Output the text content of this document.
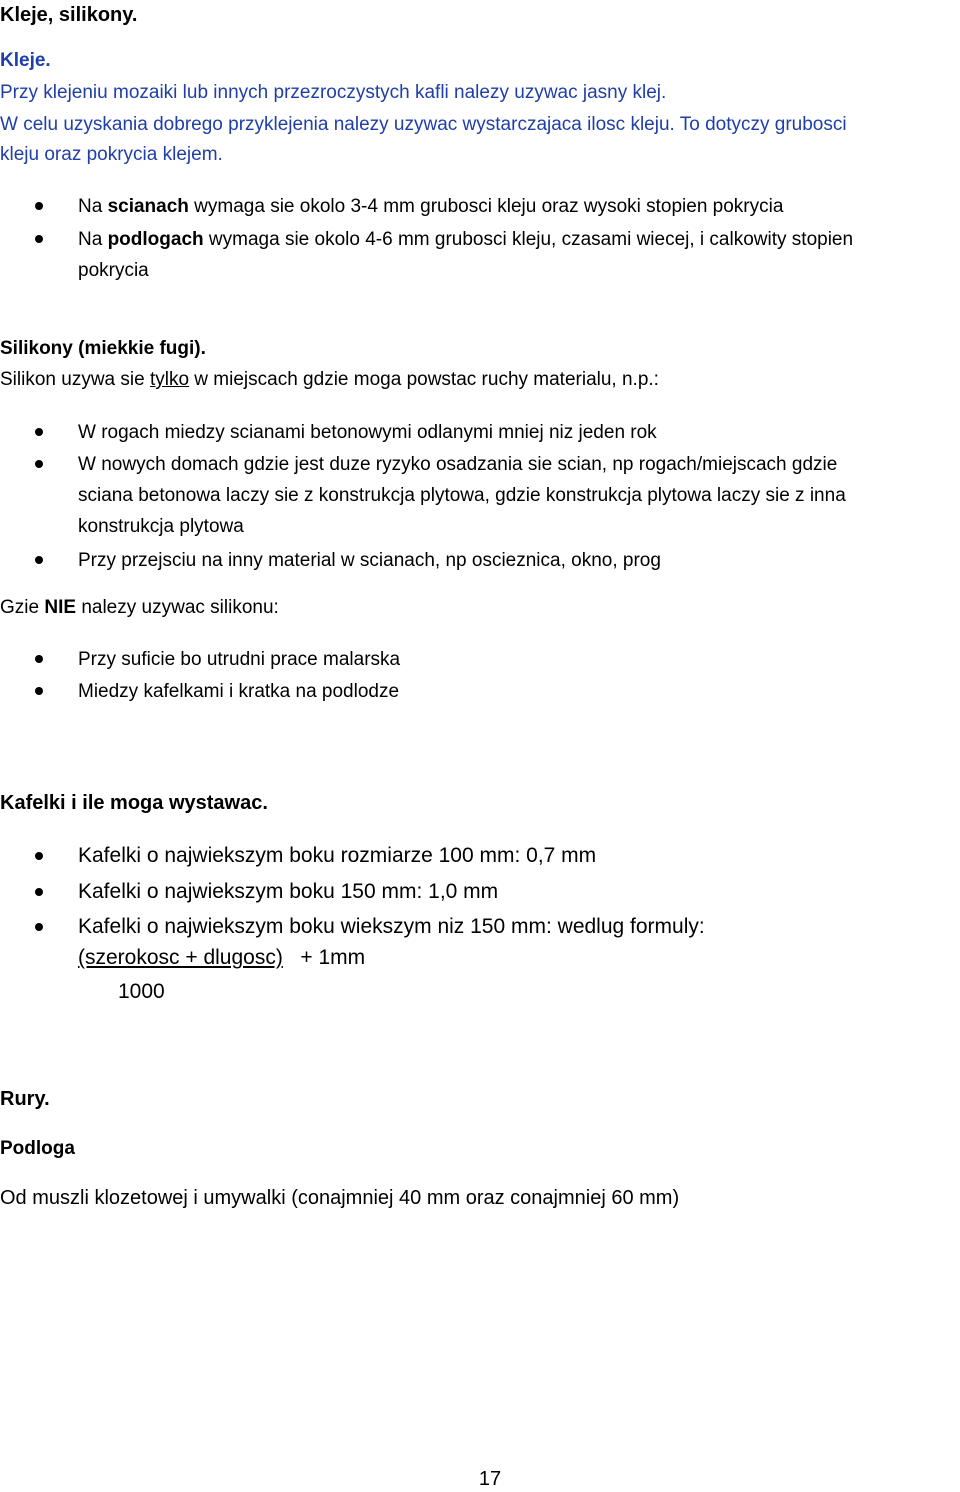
Kleje, silikony.
Kleje.
Przy klejeniu mozaiki lub innych przezroczystych kafli nalezy uzywac jasny klej.
W celu uzyskania dobrego przyklejenia nalezy uzywac wystarczajaca ilosc kleju. To dotyczy grubosci
kleju oraz pokrycia klejem.
Na scianach wymaga sie okolo 3-4 mm grubosci kleju oraz wysoki stopien pokrycia
Na podlogach wymaga sie okolo 4-6 mm grubosci kleju, czasami wiecej, i calkowity stopien
pokrycia
Silikony (miekkie fugi).
Silikon uzywa sie tylko w miejscach gdzie moga powstac ruchy materialu, n.p.:
W rogach miedzy scianami betonowymi odlanymi mniej niz jeden rok
W nowych domach gdzie jest duze ryzyko osadzania sie scian, np rogach/miejscach gdzie
sciana betonowa laczy sie z konstrukcja plytowa, gdzie konstrukcja plytowa laczy sie z inna
konstrukcja plytowa
Przy przejsciu na inny material w scianach, np oscieznica, okno, prog
Gzie NIE nalezy uzywac silikonu:
Przy suficie bo utrudni prace malarska
Miedzy kafelkami i kratka na podlodze
Kafelki i ile moga wystawac.
Kafelki o najwiekszym boku rozmiarze 100 mm: 0,7 mm
Kafelki o najwiekszym boku 150 mm: 1,0 mm
Kafelki o najwiekszym boku wiekszym niz 150 mm: wedlug formuly:
(szerokosc + dlugosc)   + 1mm
1000
Rury.
Podloga
Od muszli klozetowej i umywalki (conajmniej 40 mm oraz conajmniej 60 mm)
17
